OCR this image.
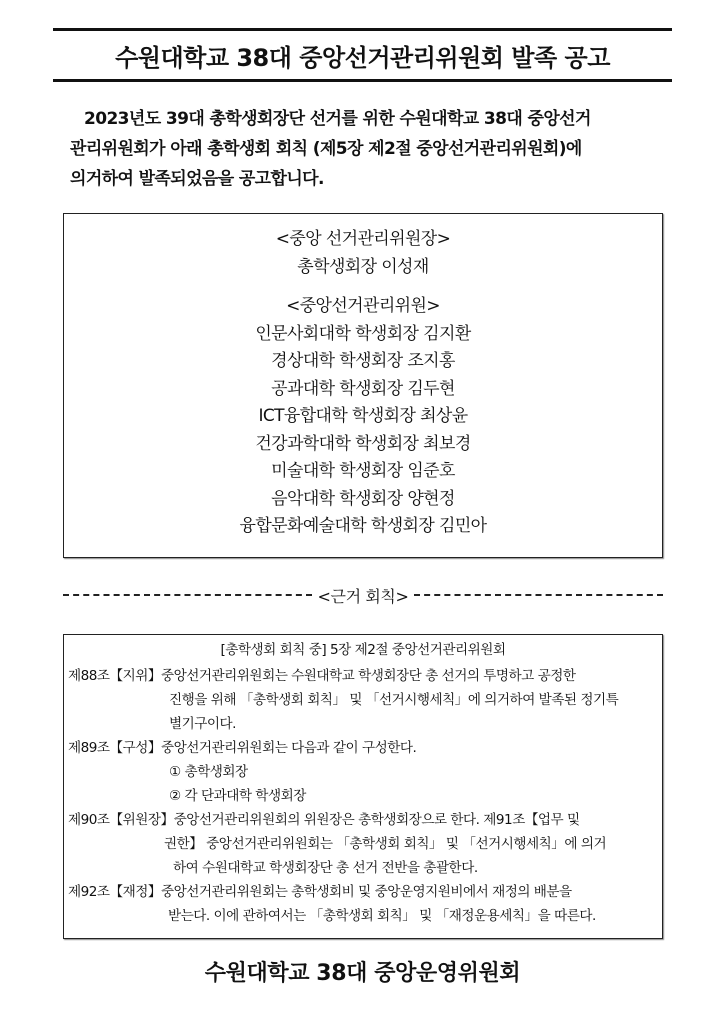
수원대학교 38대 중앙선거관리위원회 발족 공고
2023년도 39대 총학생회장단 선거를 위한 수원대학교 38대 중앙선거
관리위원회가 아래 총학생회 회칙 (제5장 제2절 중앙선거관리위원회)에
의거하여 발족되었음을 공고합니다.
<중앙 선거관리위원장>
총학생회장 이성재
<중앙선거관리위원>
인문사회대학 학생회장 김지환
경상대학 학생회장 조지홍
공과대학 학생회장 김두현
ICT융합대학 학생회장 최상윤
건강과학대학 학생회장 최보경
미술대학 학생회장 임준호
음악대학 학생회장 양현정
융합문화예술대학 학생회장 김민아
<근거 회칙>
[총학생회 회칙 중] 5장 제2절 중앙선거관리위원회
제88조【지위】중앙선거관리위원회는 수원대학교 학생회장단 총 선거의 투명하고 공정한
진행을 위해 「총학생회 회칙」 및 「선거시행세칙」에 의거하여 발족된 정기특
별기구이다.
제89조【구성】중앙선거관리위원회는 다음과 같이 구성한다.
① 총학생회장
② 각 단과대학 학생회장
제90조【위원장】중앙선거관리위원회의 위원장은 총학생회장으로 한다. 제91조【업무 및
권한】 중앙선거관리위원회는 「총학생회 회칙」 및 「선거시행세칙」에 의거
하여 수원대학교 학생회장단 총 선거 전반을 총괄한다.
제92조【재정】중앙선거관리위원회는 총학생회비 및 중앙운영지원비에서 재정의 배분을
받는다. 이에 관하여서는 「총학생회 회칙」 및 「재정운용세칙」을 따른다.
수원대학교 38대 중앙운영위원회
